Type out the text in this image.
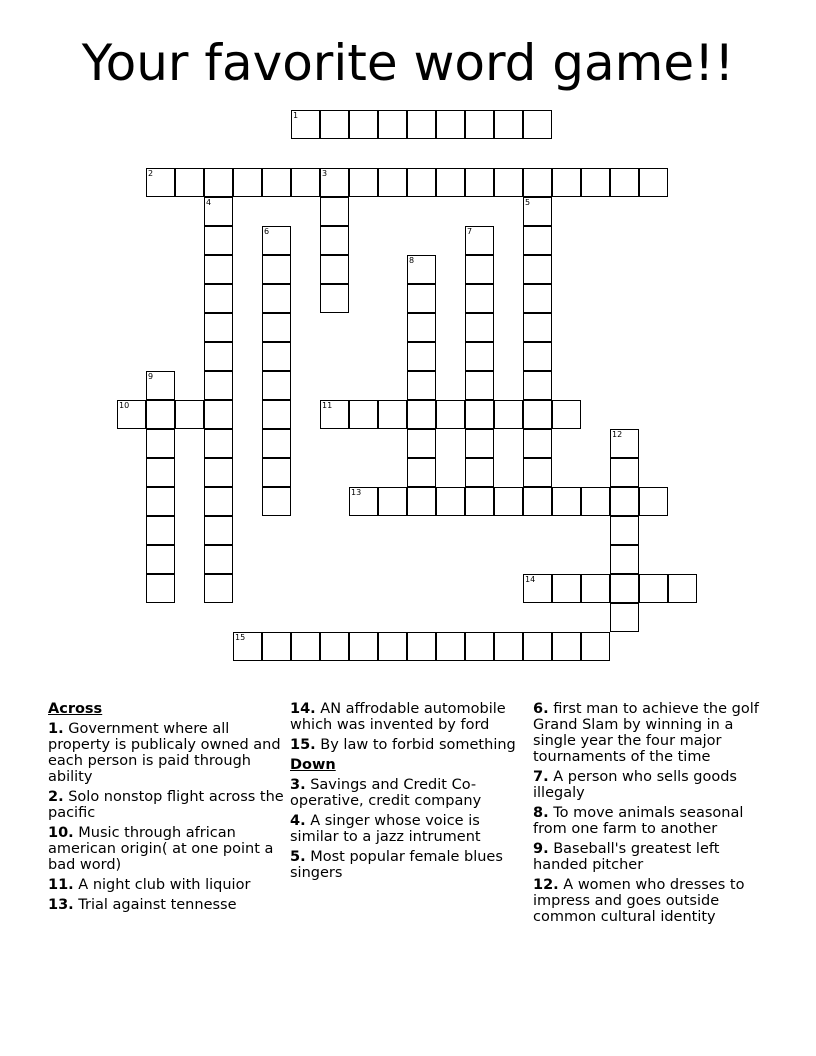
Your favorite word game!!
1
2	3
4	5
6	7
8
9
10	11
12
13
14
15
Across
1. Government where all property is publicaly owned and each person is paid through ability
2. Solo nonstop flight across the pacific
10. Music through african american origin( at one point a bad word)
11. A night club with liquior
13. Trial against tennesse
14. AN affrodable automobile which was invented by ford
15. By law to forbid something
Down
3. Savings and Credit Co-operative, credit company
4. A singer whose voice is similar to a jazz intrument
5. Most popular female blues singers
6. first man to achieve the golf Grand Slam by winning in a single year the four major tournaments of the time
7. A person who sells goods illegaly
8. To move animals seasonal from one farm to another
9. Baseball's greatest left handed pitcher
12. A women who dresses to impress and goes outside common cultural identity
